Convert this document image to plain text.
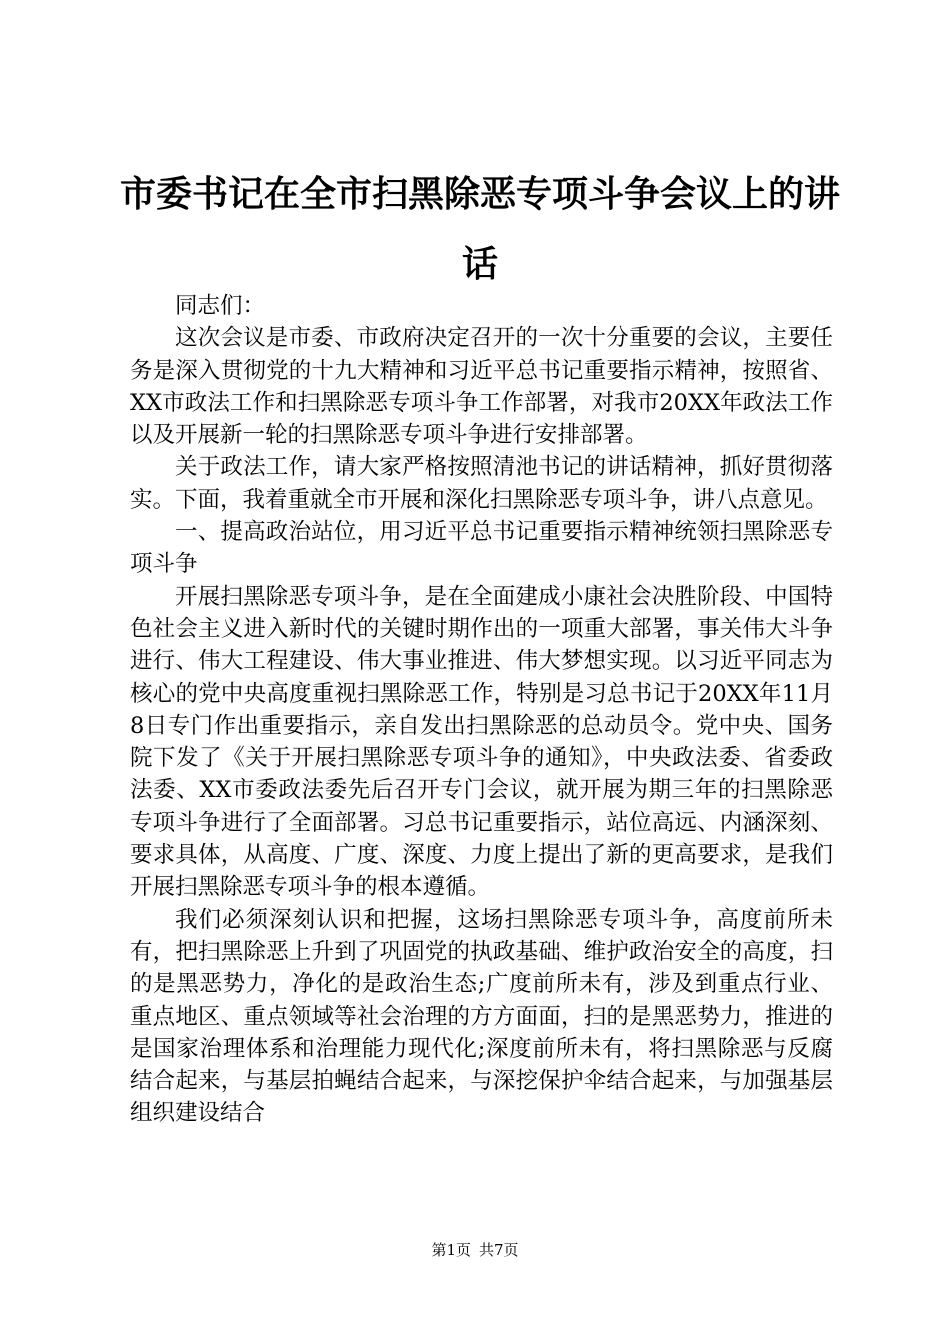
市委书记在全市扫黑除恶专项斗争会议上的讲话

同志们：

这次会议是市委、市政府决定召开的一次十分重要的会议，主要任务是深入贯彻党的十九大精神和习近平总书记重要指示精神，按照省、XX市政法工作和扫黑除恶专项斗争工作部署，对我市20XX年政法工作以及开展新一轮的扫黑除恶专项斗争进行安排部署。

关于政法工作，请大家严格按照清池书记的讲话精神，抓好贯彻落实。下面，我着重就全市开展和深化扫黑除恶专项斗争，讲八点意见。

一、提高政治站位，用习近平总书记重要指示精神统领扫黑除恶专项斗争

开展扫黑除恶专项斗争，是在全面建成小康社会决胜阶段、中国特色社会主义进入新时代的关键时期作出的一项重大部署，事关伟大斗争进行、伟大工程建设、伟大事业推进、伟大梦想实现。以习近平同志为核心的党中央高度重视扫黑除恶工作，特别是习总书记于20XX年11月8日专门作出重要指示，亲自发出扫黑除恶的总动员令。党中央、国务院下发了《关于开展扫黑除恶专项斗争的通知》，中央政法委、省委政法委、XX市委政法委先后召开专门会议，就开展为期三年的扫黑除恶专项斗争进行了全面部署。习总书记重要指示，站位高远、内涵深刻、要求具体，从高度、广度、深度、力度上提出了新的更高要求，是我们开展扫黑除恶专项斗争的根本遵循。

我们必须深刻认识和把握，这场扫黑除恶专项斗争，高度前所未有，把扫黑除恶上升到了巩固党的执政基础、维护政治安全的高度，扫的是黑恶势力，净化的是政治生态;广度前所未有，涉及到重点行业、重点地区、重点领域等社会治理的方方面面，扫的是黑恶势力，推进的是国家治理体系和治理能力现代化;深度前所未有，将扫黑除恶与反腐结合起来，与基层拍蝇结合起来，与深挖保护伞结合起来，与加强基层组织建设结合

第1页 共7页
